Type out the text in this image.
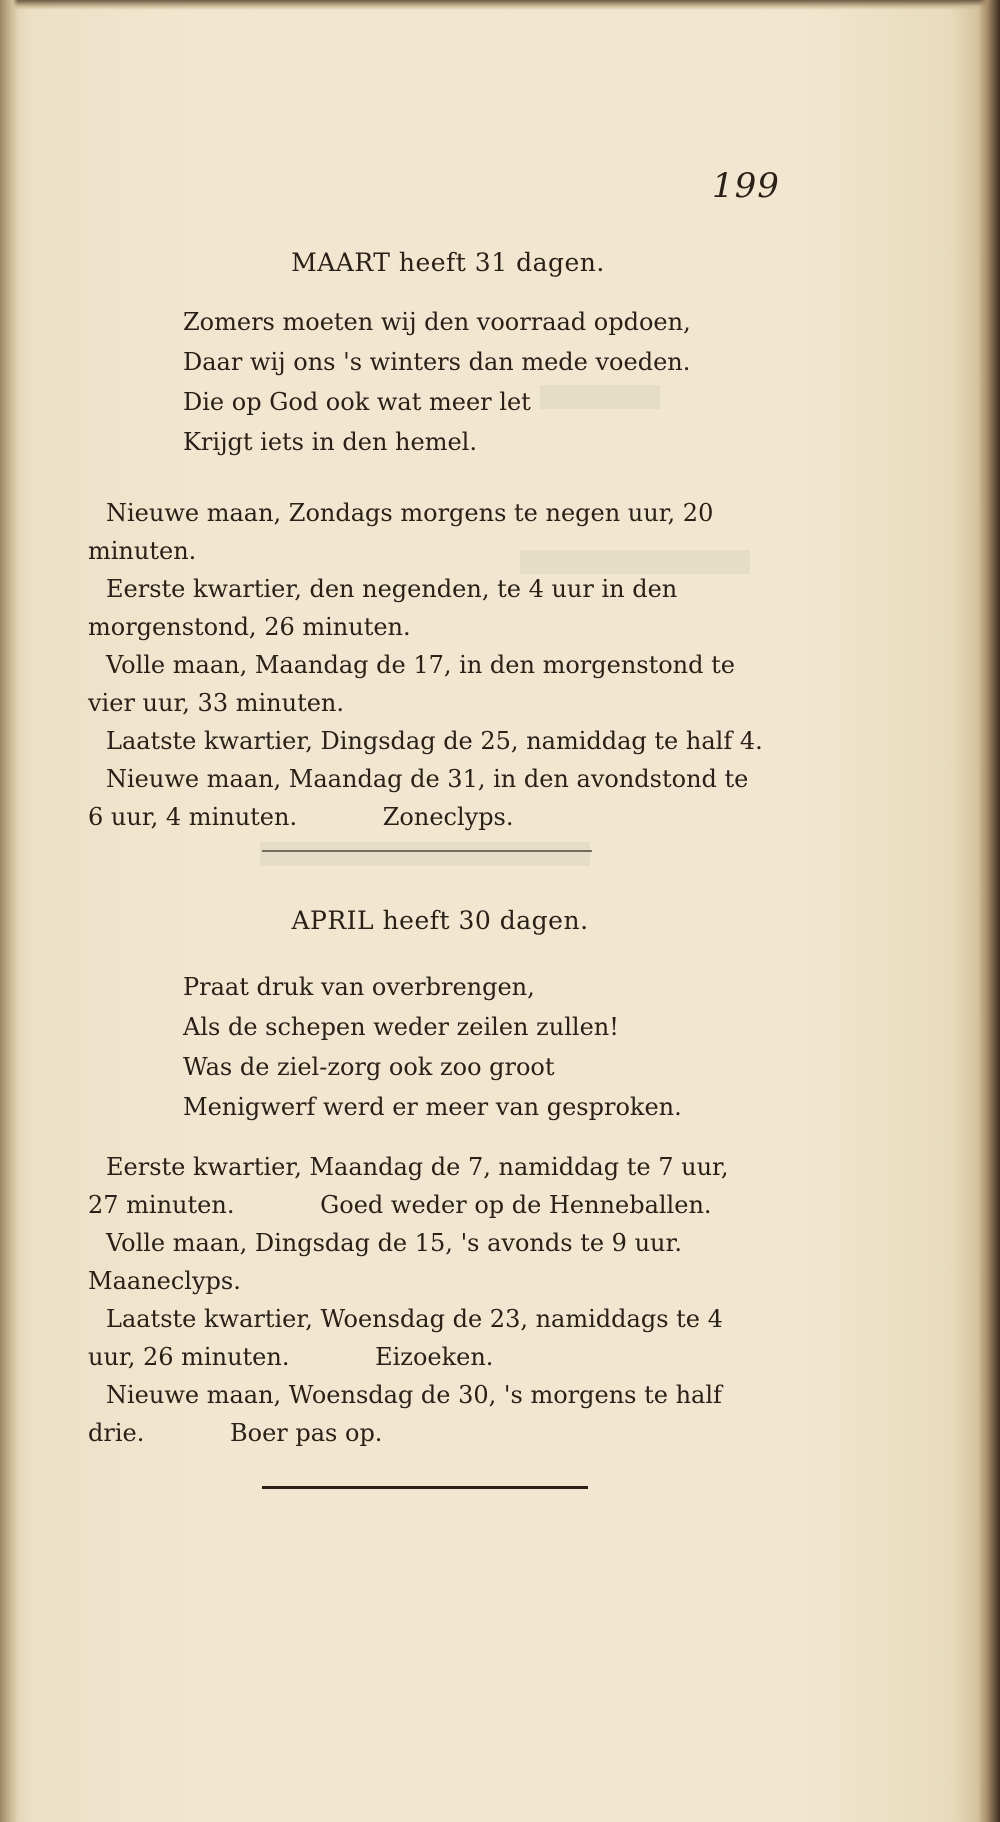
199
MAART heeft 31 dagen.
Zomers moeten wij den voorraad opdoen,
Daar wij ons 's winters dan mede voeden.
Die op God ook wat meer let
Krijgt iets in den hemel.

Nieuwe maan, Zondags morgens te negen uur, 20 minuten.

Eerste kwartier, den negenden, te 4 uur in den morgenstond, 26 minuten.

Volle maan, Maandag de 17, in den morgenstond te vier uur, 33 minuten.

Laatste kwartier, Dingsdag de 25, namiddag te half 4.

Nieuwe maan, Maandag de 31, in den avondstond te 6 uur, 4 minuten.	Zoneclyps.

APRIL heeft 30 dagen.
Praat druk van overbrengen,
Als de schepen weder zeilen zullen!
Was de ziel-zorg ook zoo groot
Menigwerf werd er meer van gesproken.

Eerste kwartier, Maandag de 7, namiddag te 7 uur, 27 minuten.	Goed weder op de Henneballen.

Volle maan, Dingsdag de 15, 's avonds te 9 uur. Maaneclyps.

Laatste kwartier, Woensdag de 23, namiddags te 4 uur, 26 minuten.	Eizoeken.

Nieuwe maan, Woensdag de 30, 's morgens te half drie.	Boer pas op.
